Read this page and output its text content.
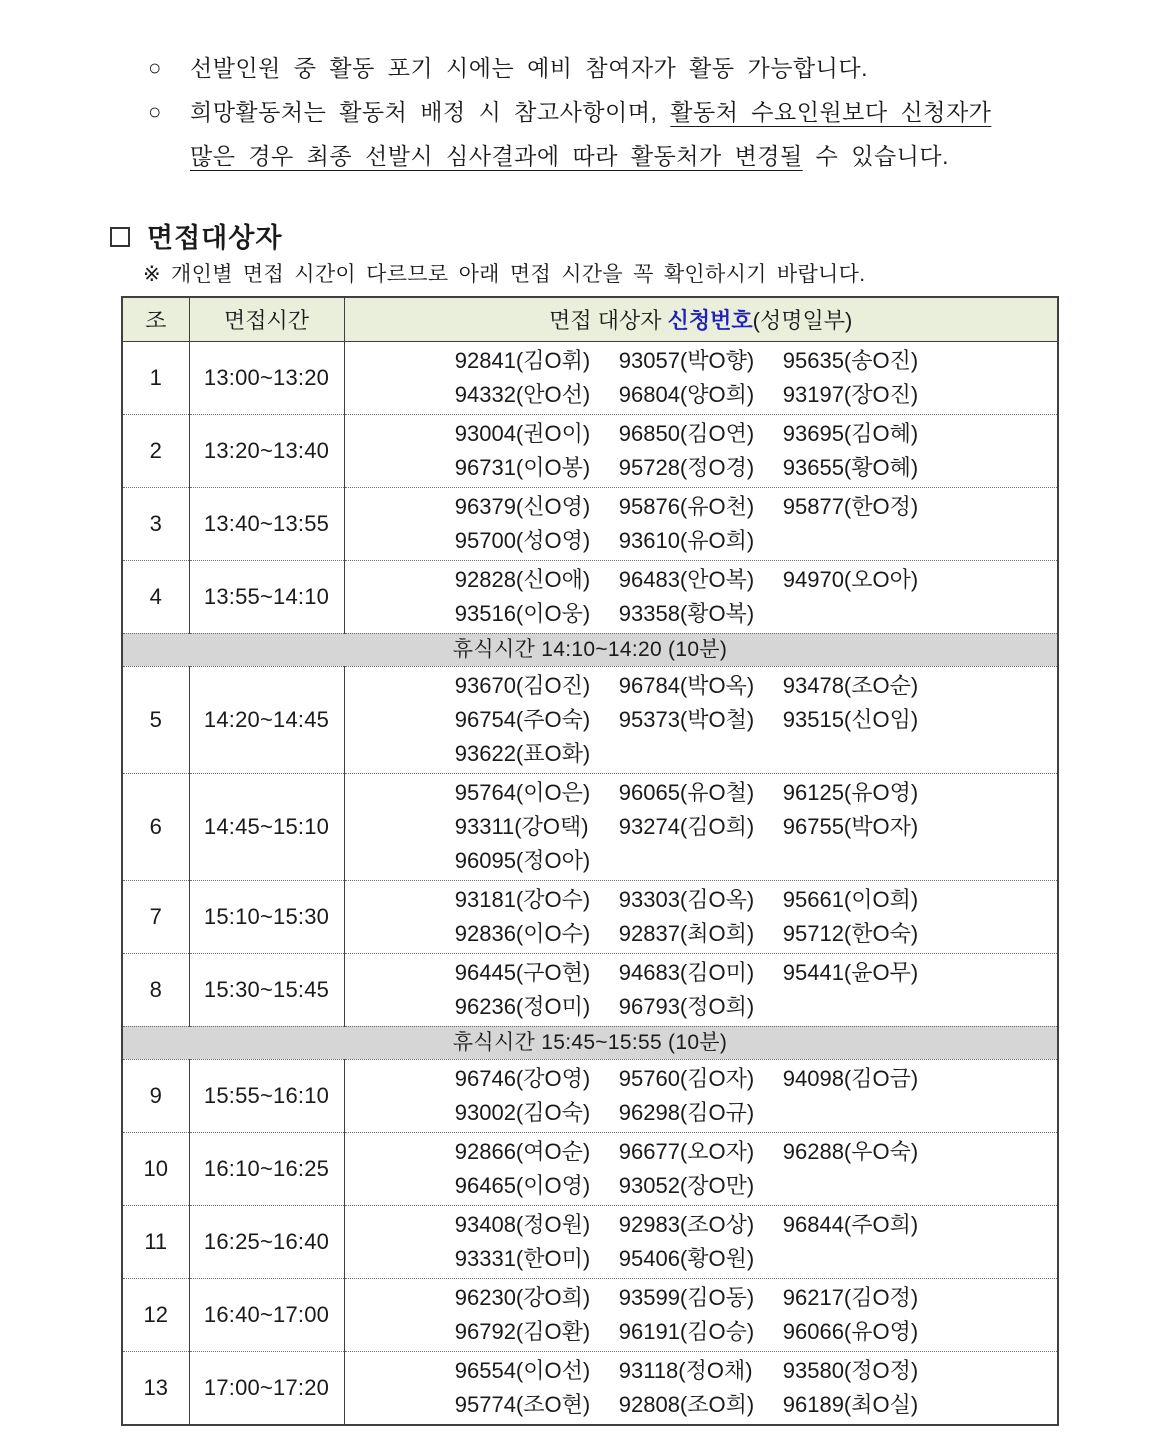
○	선발인원 중 활동 포기 시에는 예비 참여자가 활동 가능합니다.
○	희망활동처는 활동처 배정 시 참고사항이며, 활동처 수요인원보다 신청자가
많은 경우 최종 선발시 심사결과에 따라 활동처가 변경될 수 있습니다.
면접대상자
※ 개인별 면접 시간이 다르므로 아래 면접 시간을 꼭 확인하시기 바랍니다.
조	면접시간	면접 대상자 신청번호(성명일부)
1	13:00~13:20	
92841(김O휘)	93057(박O향)	95635(송O진)
94332(안O선)	96804(양O희)	93197(장O진)

2	13:20~13:40	
93004(권O이)	96850(김O연)	93695(김O혜)
96731(이O봉)	95728(정O경)	93655(황O혜)

3	13:40~13:55	96379(신O영) 95876(유O천) 95877(한O정)
95700(성O영) 93610(유O희)

4	13:55~14:10	92828(신O애) 96483(안O복) 94970(오O아)
93516(이O웅) 93358(황O복)

휴식시간 14:10~14:20 (10분)		
5	14:20~14:45	
93670(김O진)	96784(박O옥)	93478(조O순)
96754(주O숙)	95373(박O철)	93515(신O임)
93622(표O화)

6	14:45~15:10	
95764(이O은)	96065(유O철)	96125(유O영)
93311(강O택)	93274(김O희)	96755(박O자)
96095(정O아)

7	15:10~15:30	
93181(강O수)	93303(김O옥)	95661(이O희)
92836(이O수)	92837(최O희)	95712(한O숙)

8	15:30~15:45	96445(구O현) 94683(김O미) 95441(윤O무)
96236(정O미) 96793(정O희)

휴식시간 15:45~15:55 (10분)		
9	15:55~16:10	96746(강O영) 95760(김O자) 94098(김O금)
93002(김O숙) 96298(김O규)

10	16:10~16:25	92866(여O순) 96677(오O자) 96288(우O숙)
96465(이O영) 93052(장O만)

11	16:25~16:40	93408(정O원) 92983(조O상) 96844(주O희)
93331(한O미) 95406(황O원)

12	16:40~17:00	
96230(강O희)	93599(김O동)	96217(김O정)
96792(김O환)	96191(김O승)	96066(유O영)

13	17:00~17:20	
96554(이O선)	93118(정O채)	93580(정O정)
95774(조O현)	92808(조O희)	96189(최O실)
